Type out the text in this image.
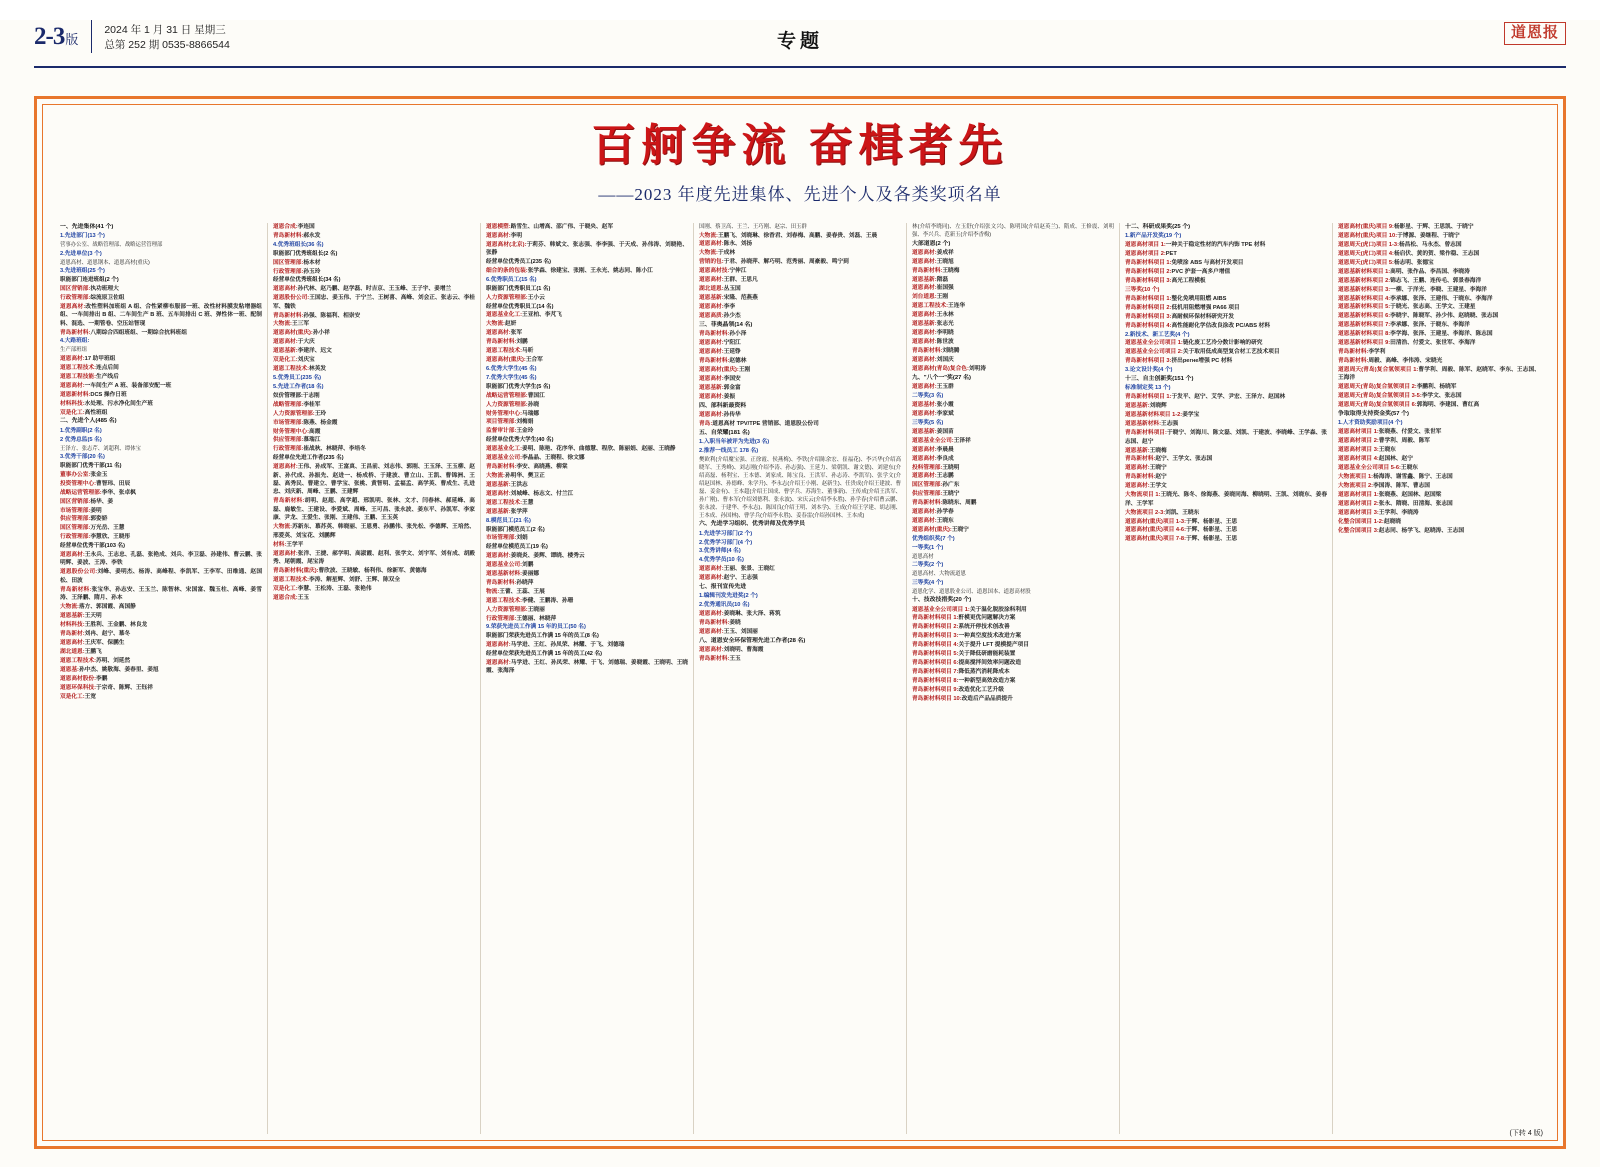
2-3版
2024 年 1 月 31 日 星期三
总第 252 期 0535-8866544	专题	道恩报
百舸争流 奋楫者先
——2023 年度先进集体、先进个人及各类奖项名单

一、先进集体(41 个)

1.先进部门(13 个)

营事办公室、战略管理部、战略运营管理部

2.先进单位(3 个)

道恩高材、道恩钢本、道恩高材(重庆)

3.先进班组(25 个)

职能部门连进班组(2 个)

国区营销部:执功班理大

行政管理部:综流原卫佐组

道恩高材:改性塑料加班组 A 组、合性紧柳布服部一班、改性材料膜发粘增器组组、一车间排出 B 组、二车间生产 B 班、五车间排出 C 班、弹性体一班、配制料、混选、一期管卷、空压站智现

青岛新材料:八期综合四组班组、一期综合抗料班组

4.大路班组:

生产部班组

道恩高材:17 助甲班组

道恩工程技术:连点后间

道恩工程技能:生产线后

道恩高材:一车间生产 A 班、装备部安配一班

道恩新材料:DCS 操作日班

材料科技:水处理、污水净化间生产班

双是化工:高性班组

二、先进个人(485 名)

1.优秀副职(2 名)

2 优秀总监(5 名)

王泽方、张志芹、刘超利、谭体宝

3.优秀干部(20 名)

职能部门优秀干部(11 名)

董事办公室:张金玉

投资管理中心:曹智玮、田辰

战略运营管理部:李华、张卓枫

国区营销部:杨华、姜

市场管理部:姜明

供应管理部:郭姿娇

国区管理部:万光岳、王慧

行政管理部:李慧欣、王晓彤

经营单位优秀干部(103 名)

道恩高材:王永兵、王志忠、孔磊、张艳成、刘兵、李卫磊、孙建伟、曹云鹏、张明辉、姜波、王涛、李铁

道恩股份公司:刘峰、姜明杰、杨涛、高峰程、李凯军、王李军、田维通、赵国松、田波

青岛新材料:张宝华、孙志安、王玉兰、陈智林、宋国富、魏玉柱、高峰、姜雪涛、王泽鹏、隋月、孙本

大物流:落方、郭国霞、高国静

道恩基新:王天明

材料科技:王胜利、王金鹏、林良龙

青岛新材:刘冉、赵宁、慕冬

道恩高材:王庆军、保鹏生

湖北道恩:王鹏飞

道恩工程技术:苏明、刘延然

道恩基:孙中杰、姚敬海、姜春里、姜旭

道恩高材股份:李鹏

道恩环保科技:于宗奇、陈辉、王钰祥

双是化工:王宽

道恩合成:李连国

青岛新材料:郝永发

4.优秀班组长(36 名)

职能部门优秀班组长(2 名)

国区管理部:杨本材

行政管理部:孙玉玲

经营单位优秀班组长(34 名)

道恩高材:孙代林、赵乃鹏、赵学磊、时吉京、王玉峰、王子宇、姜增兰

道恩股份公司:王国忠、姜玉伟、于宁兰、王树喜、高峰、刘会正、张志云、李桂军、魏铁

青岛新材料:孙强、陈福利、相崇安

大物流:王三军

道恩高材(重庆):孙小祥

道恩高材:于大庆

道恩基新:李建洋、迟文

双是化工:刘庆宝

道恩工程技术:林英发

5.优秀员工(235 名)

5.先进工作者(18 名)

奴价管理部:于志刚

战略管理部:李桂军

人力资源管理部:王玲

市场管理部:陈燕、杨金霞

财务管理中心:高霞

供应管理部:慕瑞江

行政管理部:崔战秋、林晓萍、李培冬

经营单位先进工作者(235 名)

道恩高材:王伟、孙成军、王富真、王昌前、刘志伟、郭刚、王玉泽、王玉柳、赵新、孙代成、孙振先、赵进一、杨成桥、于建波、曹立山、王凯、曹锦洲、王磊、高秀民、曹建立、曹学宝、张桃、黄智明、孟福孟、高学英、曹成生、孔进忠、刘庆新、周峰、王鹏、王建辉

青岛新材料:胡明、赵超、高学超、邢凯明、张林、文才、闫春林、郝延峰、高磊、鹿敏生、王建设、李爱斌、周峰、王可昌、张永波、姜东平、孙凯军、李家康、尹龙、王爱生、张刚、王建伟、王鹏、王玉英

大物流:苏新东、慕苏英、韩晓丽、王恩勇、孙鹏伟、张先松、李德辉、王培然、邢爱英、刘宝花、刘鹏辉

材料:王学平

道恩高材:张洋、王捷、郝学明、高淑霞、赵利、张学文、刘宇军、刘有成、胡殿秀、尾朝霞、尾宝涛

青岛新材料(重庆):曹欣波、王晓敏、杨利伟、徐新军、黄德海

道恩工程技术:李涛、解星辉、刘舒、王辉、陈双全

双是化工:李慧、王松涛、王磊、张艳伟

道恩合成:王玉

道恩模塑:路雪生、山增高、邵广伟、于晓央、赵军

道恩高材:李明

道恩高材(北京):于莉芬、韩斌文、张志强、李李强、于天成、孙伟涛、刘晓艳、张静

经营单位优秀员工(235 名)

细合的条的包装:张学森、徐建宝、张刚、王永光、姚志同、陈小江

6.优秀职员工(15 名)

职能部门优秀职员工(1 名)

人力资源管理部:王小云

经营单位优秀职员工(14 名)

道恩基业化工:王亚柏、李芃飞

大物流:赵妍

道恩高材:张军

青岛新材料:刘鹏

道恩工程技术:马昕

道恩高材(重庆):王合军

6.优秀大学生(45 名)

7.优秀大学生(45 名)

职能部门优秀大学生(5 名)

战略运营管理部:曹国江

人力资源管理部:孙晓

财务管理中心:马瑞娜

项目管理部:刘梅娟

监督审计部:王金玲

经营单位优秀大学生(40 名)

道恩基业化工:姜明、陈艳、花序华、曲德慧、程欣、陈丽娟、赵丽、王晓静

道恩基业公司:李晶晶、王晓程、徐文娜

青岛新材料:李安、高晓燕、柳棠

大物流:孙明华、樊卫正

道恩基新:王洪志

道恩高材:刘城峰、杨志文、付兰江

道恩工程技术:王慧

道恩基新:张学萍

8.模范员工(21 名)

职能部门模范员工(2 名)

市场管理部:刘娟

经营单位模范员工(19 名)

道恩高材:姜晓炎、姜辉、谭晓、楼秀云

道恩基业公司:刘鹏

道恩基新材料:姜丽娜

青岛新材料:孙晓萍

物流:王蕾、王蕊、王展

道恩工程技术:李健、王鹏涛、孙珊

人力资源管理部:王晓丽

行政管理部:王德丽、林晓萍

9.荣获先进员工作满 15 年的员工(50 名)

职能部门荣获先进员工作满 15 年的员工(8 名)

道恩高材:马学进、王红、孙凤荣、林耀、于飞、刘德瑞

经营单位荣获先进员工作满 15 年的员工(42 名)

道恩高材:马学进、王红、孙凤荣、林耀、于飞、刘德瑞、姜晓霞、王晓明、王晓霞、张海泽

国刚、蔡卫高、王兰、王巧刚、赵宗、田玉群

大物流:王鹏飞、刘晓琳、徐香君、刘春梅、高鹏、姜春贵、刘磊、王晨

道恩高材:陈永、刘扬

大物流:于成林

营销的包:于君、孙晓萍、解巧明、范秀丽、周豪毅、鸣宁到

道恩高材技:宁伸江

道恩高材:王群、王思凡

湖北道恩:丛玉国

道恩基新:宋隆、范燕燕

道恩高材:李李

道恩高质:孙少杰

三、菲奥晶领(14 名)

青岛新材料:孙小泽

道恩高材:宁阳江

道恩高材:王延铮

青岛新材料:赵德林

道恩高材(重庆):王刚

道恩高材:李国安

道恩基新:郭金富

道恩高材:姜振

四、部科新最资料

道恩高材:孙传华

青岛:道恩高材 TPV/TPE 营销部、道恩股公份司

五、自荣耀(181 名)

1.入职当年被评为先进(3 名)

2.推荐一线员工 178 名)

樊欧利(介绍魔宝强、正徐霞、侯燕梅)、李铁(介绍陈余宏、崔福花)、李兴华(介绍高晓军、王秀峰)、刘志刚(介绍李涛、孙志强)、王延力、梁朝凯、谢文德)、刘建东(介绍高磊、杨利宝、王本德、刘家成、陈宝良、王洪军、孙志涛、李凯军)、张学文(介绍赵国林、孙德峰、朱学升)、李永志(介绍王小刚、赵新生)、任贵成(介绍王建波、曹磊、姜金有)、王本超(介绍王国成、曹学兵、苏海生、董事新)、王传成(介绍王洪军、孙广刚)、曹本军(介绍刘德利、张永波)、宋庆云(介绍李永胜)、孙学春(介绍曹云鹏、张永波、于建华、李永志)、陈国良(介绍王明、刘本学)、王成(介绍王学建、胡志刚、王本成、孙国林)、曹学兵(介绍李永胜)、姜春雷(介绍孙国林、王本成)

六、先进学习组织、优秀讲师及优秀学员

1.先进学习部门(2 个)

2.优秀学习部门(4 个)

3.优秀讲师(4 名)

4.优秀学员(10 名)

道恩高材:王丽、张景、王晓红

道恩高材:赵宁、王志强

七、报刊宣传先进

1.编辑刊发先进奖(2 个)

2.优秀通讯员(10 名)

道恩高材:姜晓琳、张大泽、蒋筑

青岛新材料:姜晓

道恩高材:王玉、刘国丽

八、道恩安全环保管理先进工作者(28 名)

道恩高材:刘晓明、曹海霞

青岛新材料:王玉

林(介绍李晓同)、左玉舒(介绍张文兴)、陈明国(介绍赵英兰)、隋成、王修震、刘明强、李兴兵、范新玉(介绍李香梅)

大部道恩(2 个)

道恩高材:姜成祥

道恩高材:王晓旭

青岛新材料:王晓梅

道恩基新:隋磊

道恩高材:崔国强

刘台道恩:王刚

道恩工程技术:王连华

道恩高材:王永林

道恩基新:张志光

道恩高材:李明晓

道恩高材:陈世波

青岛新材料:刘晓腾

道恩高材:刘国庆

道恩高材(青岛)复合色:刘明涛

九、"八个一"奖(27 名)

道恩高材:王玉群

二等奖(3 名)

道恩基材:张小霞

道恩高材:李家斌

三等奖(5 名)

道恩基新:姜国苗

道恩基业全公司:王泽祥

道恩高材:李晨晨

道恩高材:李良成

投料管理部:王晓明

道恩高材:王志鹏

国区管理部:孙广东

供应管理部:王晓宁

青岛新材料:陈晓东、周鹏

道恩高材:孙学春

道恩高材:王晓东

道恩高材(重庆):王晓宁

优秀组织奖(7 个)

一等奖(1 个)

道恩高材

二等奖(2 个)

道恩高材、大物流道恩

三等奖(4 个)

道恩化学、道恩股业公司、道恩国本、道恩高材股

十、技改技措奖(20 个)

道恩基业全公司项目 1:关于温化脱胶涂料利用

青岛新材料项目 1:酐模更优问题解决方案

青岛新材料项目 2:系统开停技术创改善

青岛新材料项目 3:一种真空度技术改进方案

青岛新材料项目 4:关于提升 LFT 提模提产项目

青岛新材料项目 5:关于降低研磨能耗装置

青岛新材料项目 6:提高搅拌间效率问题改造

青岛新材料项目 7:降低蒸汽消耗降成本

青岛新材料项目 8:一种新型高效改造方案

青岛新材料项目 9:改造优化工艺升级

青岛新材料项目 10:改造后产品品质提升

十二、科研成果奖(25 个)

1.新产品开发奖(19 个)

道恩高材项目 1:一种关于稳定性材的汽车内饰 TPE 材料

道恩高材项目 2:PET

青岛新材料项目 1:免喷涂 ABS 与高材开发项目

青岛新材料项目 2:PVC 护套一高多户增值

青岛新材料项目 3:高光工程模板

三等奖(10 个)

青岛新材料项目 1:整化免喷用阻燃 AIBS

青岛新材料项目 2:低机用阻燃增强 PA66 项目

青岛新材料项目 3:高耐候环保材料研究开发

青岛新材料项目 4:高性能耐化学估改良涂改 PC/ABS 材料

2.新技术、新工艺奖(4 个)

道恩基业全公司项目 1:链化废工艺冷分数计影响的研究

道恩基业全公司项目 2:关于取用低成高型复合材工艺技术项目

青岛新材料项目 3:挤出регне增强 PC 材料

3.论文设计奖(4 个)

十三、自主创新奖(151 个)

标准制定奖 13 个)

青岛新材料项目 1:于发平、赵宁、艾学、尹宏、王泽方、赵国林

道恩基新:刘晓辉

道恩基新材料项目 1-2:姜学宝

道恩基新材料:王志强

青岛新材料项目:于晓宁、刘海川、陈文磊、刘凯、于建波、李晓峰、王学森、张志国、赵宁

道恩基新:王晓梅

青岛新材料:赵宁、王学文、张志国

道恩高材:王晓宁

青岛新材料:赵宁

道恩高材:王学文

大物流项目 1:王晓光、陈冬、徐海燕、姜晓同海、柳晓明、王凯、刘晓东、姜春洋、王学军

大物流项目 2-3:刘凯、王晓东

道恩高材(重庆)项目 1-3:于辉、杨影星、王思

道恩高材(重庆)项目 4-6:于辉、杨影星、王思

道恩高材(重庆)项目 7-8:于辉、杨影星、王思

道恩高材(重庆)项目 9:杨影星、于辉、王思凯、于晓宁

道恩高材(重庆)项目 10:于博源、姜继程、于晓宁

道恩周天(虎口)项目 1-3:杨昌松、马永杰、曾志国

道恩周天(虎口)项目 4:杨启伏、黄的贺、梁作稳、王志国

道恩周天(虎口)项目 5:杨志明、张德宝

道恩基新材料项目 1:高明、张作品、李昌国、李晓涛

道恩基新材料项目 2:锦志飞、王鹏、连传毛、郭景春海洋

道恩基新材料项目 3:一柳、于洋光、李晓、王建星、李海洋

道恩基新材料项目 4:李承娜、张泽、王建伟、于晓东、李海洋

道恩基新材料项目 5:于晓光、张志高、王学文、王建星

道恩基新材料项目 6:李晓宇、陈晓军、孙少伟、赵晓晓、张志国

道恩基新材料项目 7:李承娜、张泽、于晓东、李海洋

道恩基新材料项目 8:李学海、张泽、王建星、李海洋、陈志国

道恩基新材料项目 9:田清浩、付爱文、张世军、李海洋

青岛新材料:李学利

青岛新材料:周毅、高峰、李伟涛、宋晓光

道恩周天(青岛)复合氢领项目 1:曹学利、周毅、陈军、赵晓军、李东、王志国、王海洋

道恩周天(青岛)复合氢领项目 2:李鹏利、杨晓军

道恩周天(青岛)复合氢领项目 3-5:李学文、张志国

道恩周天(青岛)复合氢领项目 6:郭海明、李建国、曹红高

争取取得支持资金奖(57 个)

1.人才资助奖励项目(4 个)

道恩高材项目 1:张晓燕、付爱文、张世军

道恩高材项目 2:曹学利、周毅、陈军

道恩高材项目 3:王晓东

道恩高材项目 4:赵国林、赵宁

道恩基业全公司项目 5-6:王晓东

大物流项目 1:杨海涛、谢雪鑫、陈宁、王志国

大物流项目 2:李国涛、陈军、曹志国

道恩高材项目 1:张晓燕、赵国林、赵国梁

道恩高材项目 2:张永、隋晓、田清海、张志国

道恩高材项目 3:王学利、李晓涛

化整合国项目 1-2:赵晓晓

化整合国项目 3:赵志同、杨学飞、赵晓涛、王志国

(下转 4 版)
